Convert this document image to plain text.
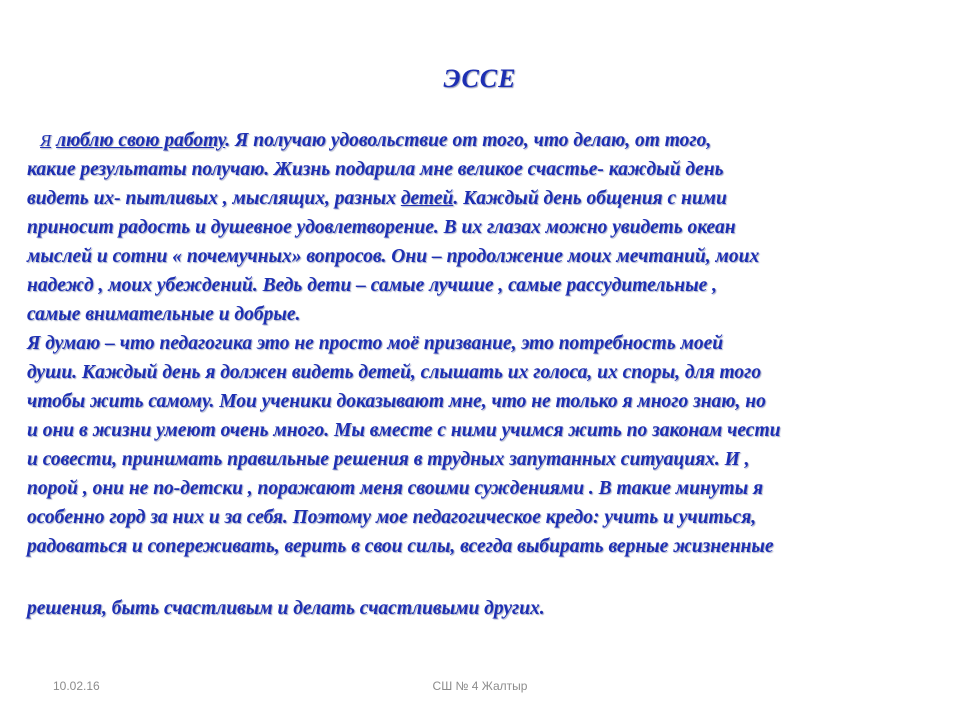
ЭССЕ
Я люблю свою работу. Я получаю удовольствие от того, что делаю, от того,
какие результаты получаю. Жизнь подарила мне великое счастье- каждый день
видеть их- пытливых , мыслящих, разных детей. Каждый день общения с ними
приносит радость и душевное удовлетворение. В их глазах можно увидеть океан
мыслей и сотни « почемучных» вопросов. Они – продолжение моих мечтаний, моих
надежд , моих убеждений. Ведь дети – самые лучшие , самые рассудительные ,
самые внимательные и добрые.
Я думаю – что педагогика это не просто моё призвание, это потребность моей
души. Каждый день я должен видеть детей, слышать их голоса, их споры, для того
чтобы жить самому. Мои ученики доказывают мне, что не только я много знаю, но
и они в жизни умеют очень много. Мы вместе с ними учимся жить по законам чести
и совести, принимать правильные решения в трудных запутанных ситуациях. И ,
порой , они не по-детски , поражают меня своими суждениями . В такие минуты я
особенно горд за них и за себя. Поэтому мое педагогическое кредо: учить и учиться,
радоваться и сопереживать, верить в свои силы, всегда выбирать верные жизненные
решения, быть счастливым и делать счастливыми других.
10.02.16	СШ № 4 Жалтыр
